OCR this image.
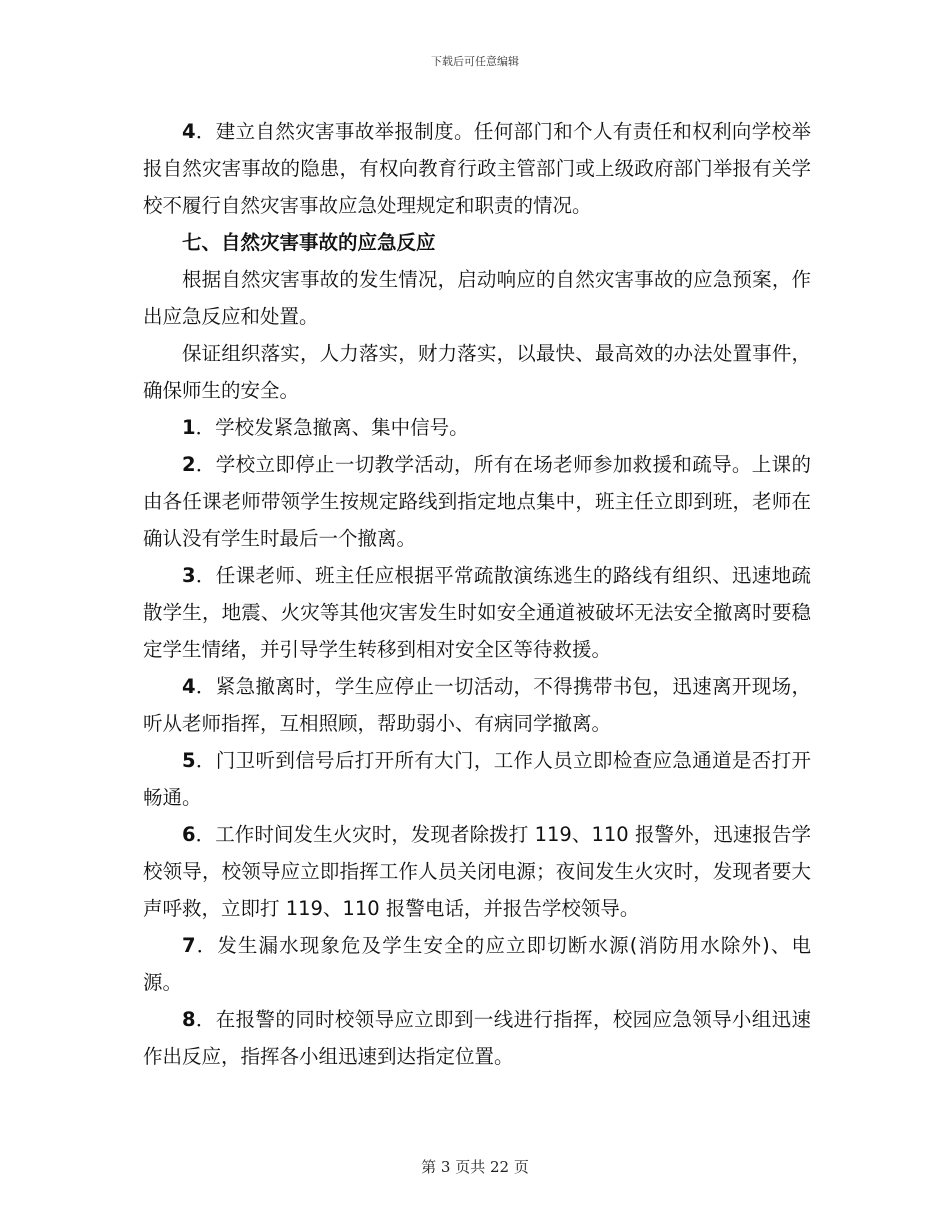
下载后可任意编辑

4．建立自然灾害事故举报制度。任何部门和个人有责任和权利向学校举报自然灾害事故的隐患，有权向教育行政主管部门或上级政府部门举报有关学校不履行自然灾害事故应急处理规定和职责的情况。

七、自然灾害事故的应急反应

根据自然灾害事故的发生情况，启动响应的自然灾害事故的应急预案，作出应急反应和处置。

保证组织落实，人力落实，财力落实，以最快、最高效的办法处置事件，确保师生的安全。

1．学校发紧急撤离、集中信号。

2．学校立即停止一切教学活动，所有在场老师参加救援和疏导。上课的由各任课老师带领学生按规定路线到指定地点集中，班主任立即到班，老师在确认没有学生时最后一个撤离。

3．任课老师、班主任应根据平常疏散演练逃生的路线有组织、迅速地疏散学生，地震、火灾等其他灾害发生时如安全通道被破坏无法安全撤离时要稳定学生情绪，并引导学生转移到相对安全区等待救援。

4．紧急撤离时，学生应停止一切活动，不得携带书包，迅速离开现场，听从老师指挥，互相照顾，帮助弱小、有病同学撤离。

5．门卫听到信号后打开所有大门，工作人员立即检查应急通道是否打开畅通。

6．工作时间发生火灾时，发现者除拨打 119、110 报警外，迅速报告学校领导，校领导应立即指挥工作人员关闭电源；夜间发生火灾时，发现者要大声呼救，立即打 119、110 报警电话，并报告学校领导。

7．发生漏水现象危及学生安全的应立即切断水源(消防用水除外)、电源。

8．在报警的同时校领导应立即到一线进行指挥，校园应急领导小组迅速作出反应，指挥各小组迅速到达指定位置。

第 3 页共 22 页
